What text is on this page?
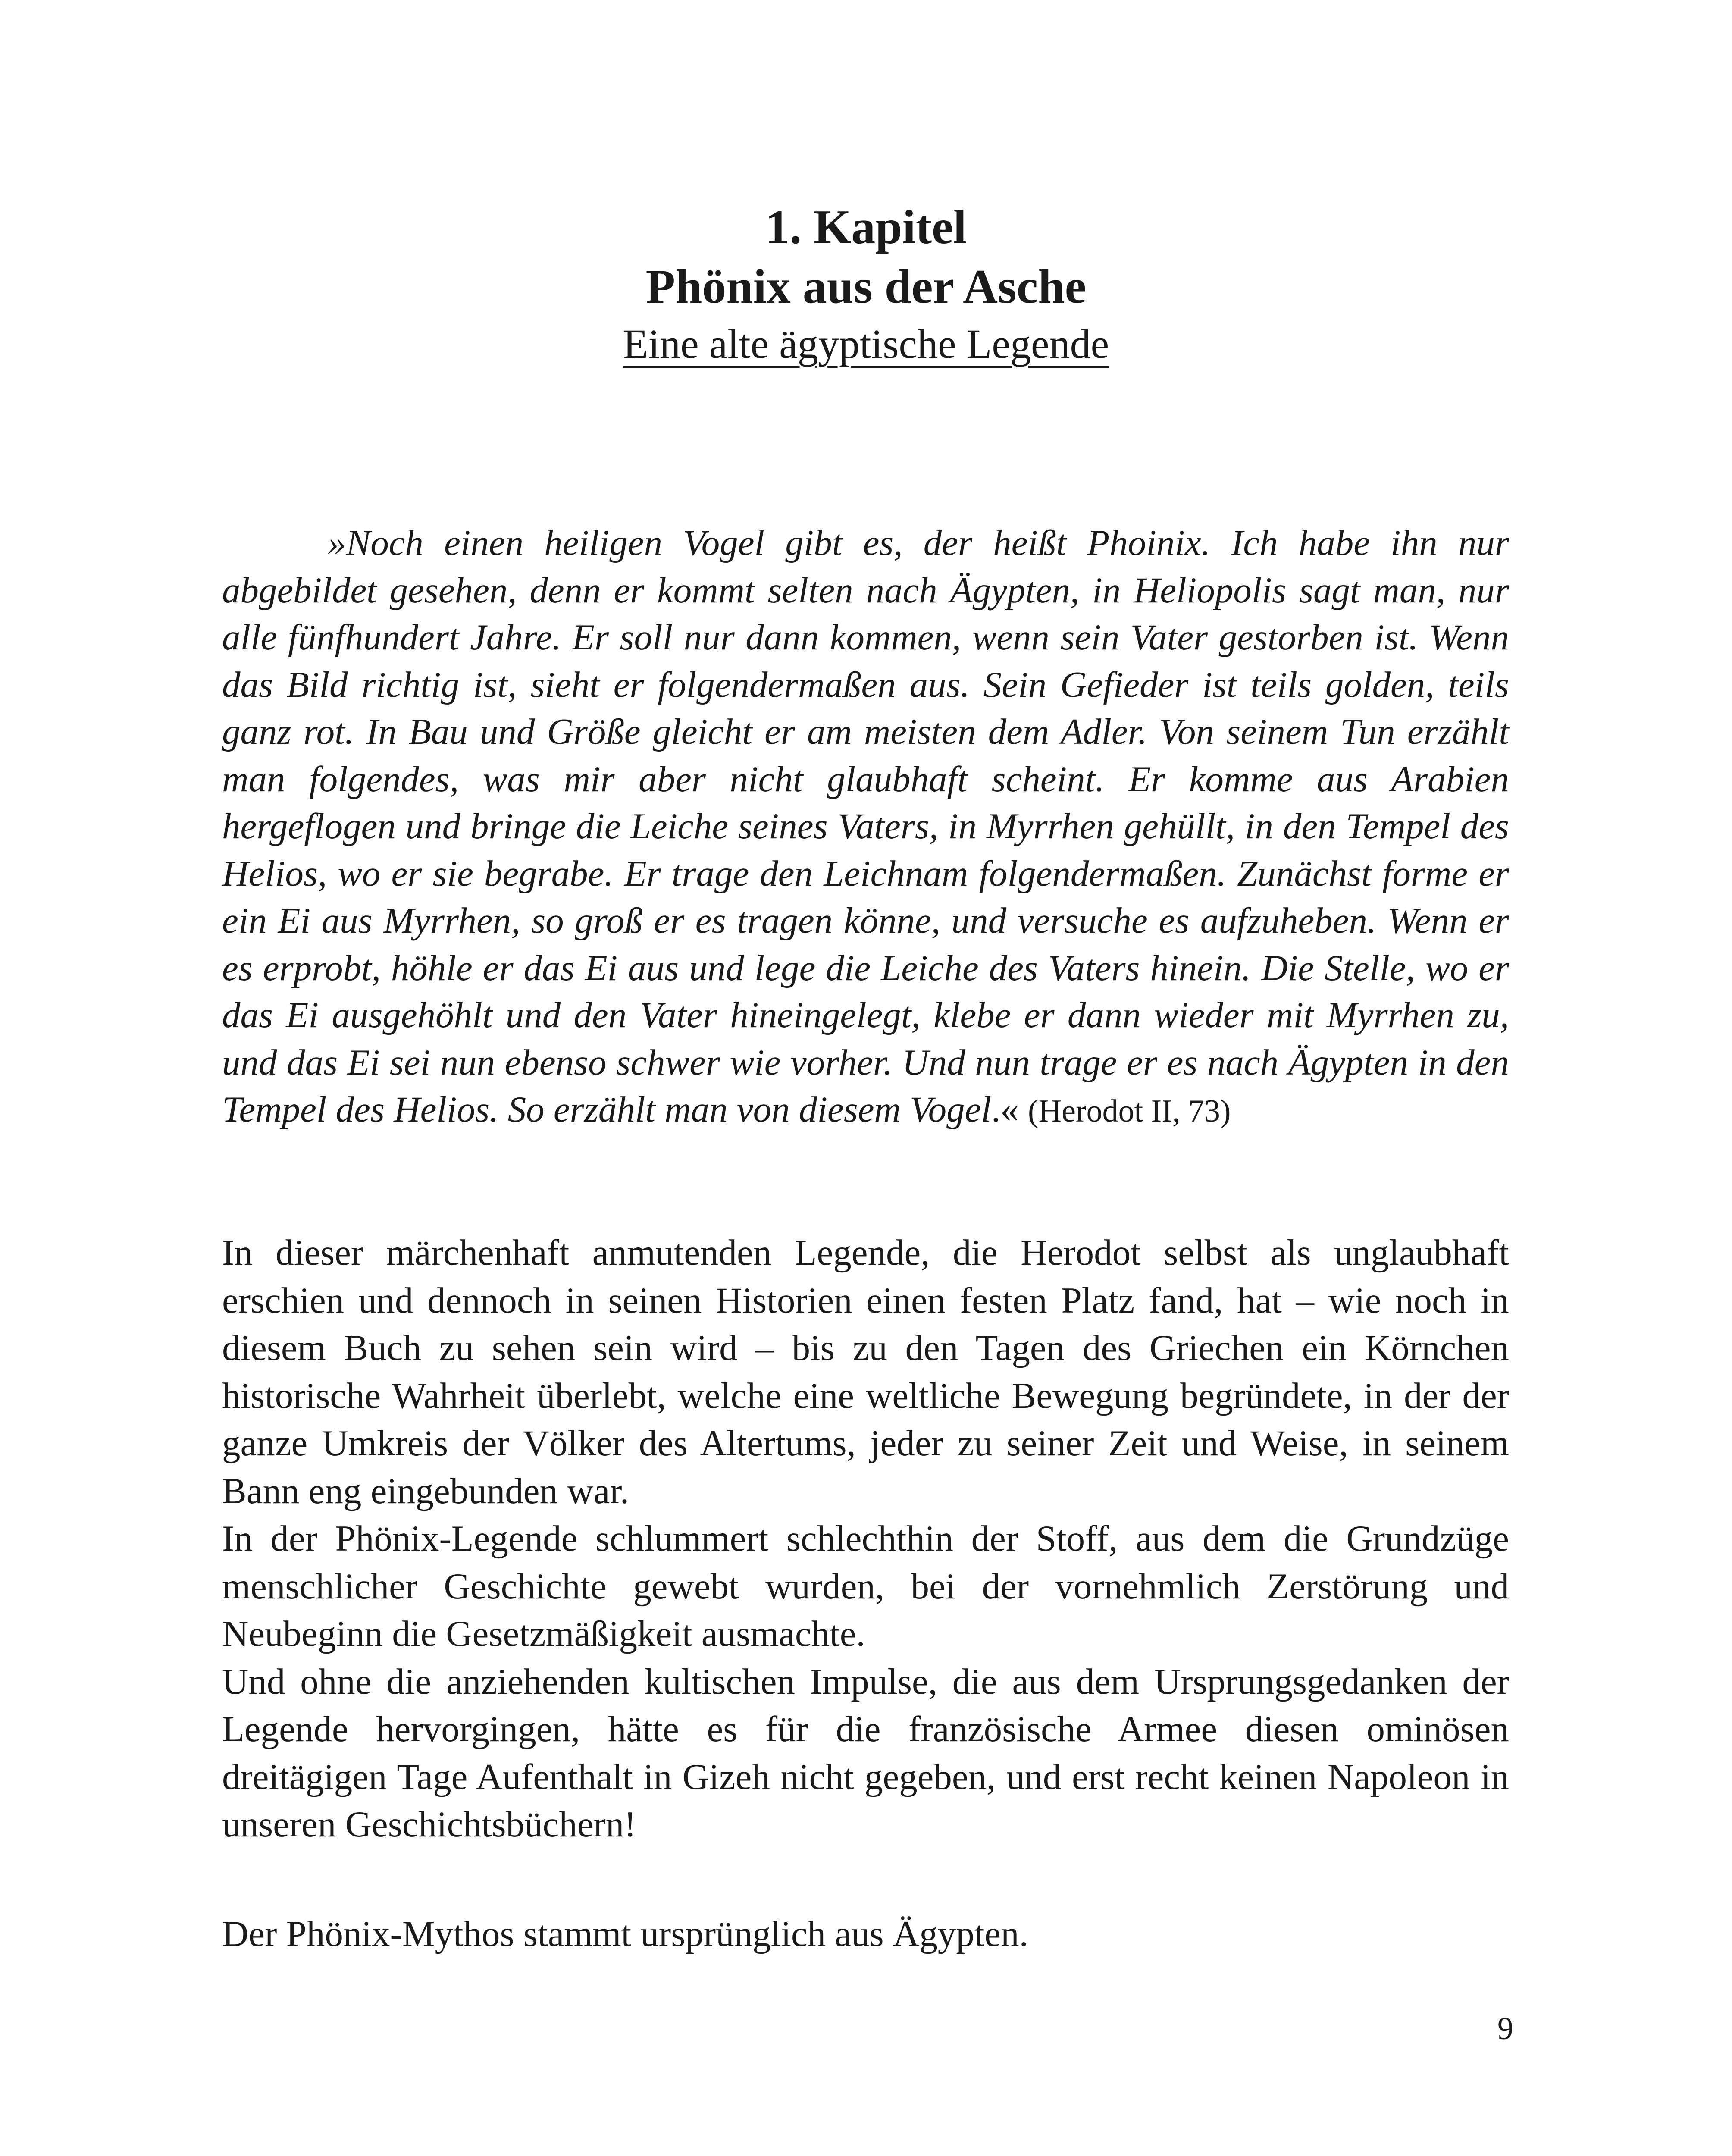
1. Kapitel
Phönix aus der Asche
Eine alte ägyptische Legende

»Noch einen heiligen Vogel gibt es, der heißt Phoinix. Ich habe ihn nur abgebildet gesehen, denn er kommt selten nach Ägypten, in Heliopolis sagt man, nur alle fünfhundert Jahre. Er soll nur dann kommen, wenn sein Vater gestorben ist. Wenn das Bild richtig ist, sieht er folgendermaßen aus. Sein Gefieder ist teils golden, teils ganz rot. In Bau und Größe gleicht er am meisten dem Adler. Von seinem Tun erzählt man folgendes, was mir aber nicht glaubhaft scheint. Er komme aus Arabien hergeflogen und bringe die Leiche seines Vaters, in Myrrhen gehüllt, in den Tempel des Helios, wo er sie begrabe. Er trage den Leichnam folgendermaßen. Zunächst forme er ein Ei aus Myrrhen, so groß er es tragen könne, und versuche es aufzuheben. Wenn er es erprobt, höhle er das Ei aus und lege die Leiche des Vaters hinein. Die Stelle, wo er das Ei ausgehöhlt und den Vater hineingelegt, klebe er dann wieder mit Myrrhen zu, und das Ei sei nun ebenso schwer wie vorher. Und nun trage er es nach Ägypten in den Tempel des Helios. So erzählt man von diesem Vogel.« (Herodot II, 73)

In dieser märchenhaft anmutenden Legende, die Herodot selbst als unglaubhaft erschien und dennoch in seinen Historien einen festen Platz fand, hat – wie noch in diesem Buch zu sehen sein wird – bis zu den Tagen des Griechen ein Körnchen historische Wahrheit überlebt, welche eine weltliche Bewegung begründete, in der der ganze Umkreis der Völker des Altertums, jeder zu seiner Zeit und Weise, in seinem Bann eng eingebunden war.

In der Phönix-Legende schlummert schlechthin der Stoff, aus dem die Grundzüge menschlicher Geschichte gewebt wurden, bei der vornehmlich Zerstörung und Neubeginn die Gesetzmäßigkeit ausmachte.

Und ohne die anziehenden kultischen Impulse, die aus dem Ursprungsgedanken der Legende hervorgingen, hätte es für die französische Armee diesen ominösen dreitägigen Tage Aufenthalt in Gizeh nicht gegeben, und erst recht keinen Napoleon in unseren Geschichtsbüchern!

Der Phönix-Mythos stammt ursprünglich aus Ägypten.

9
